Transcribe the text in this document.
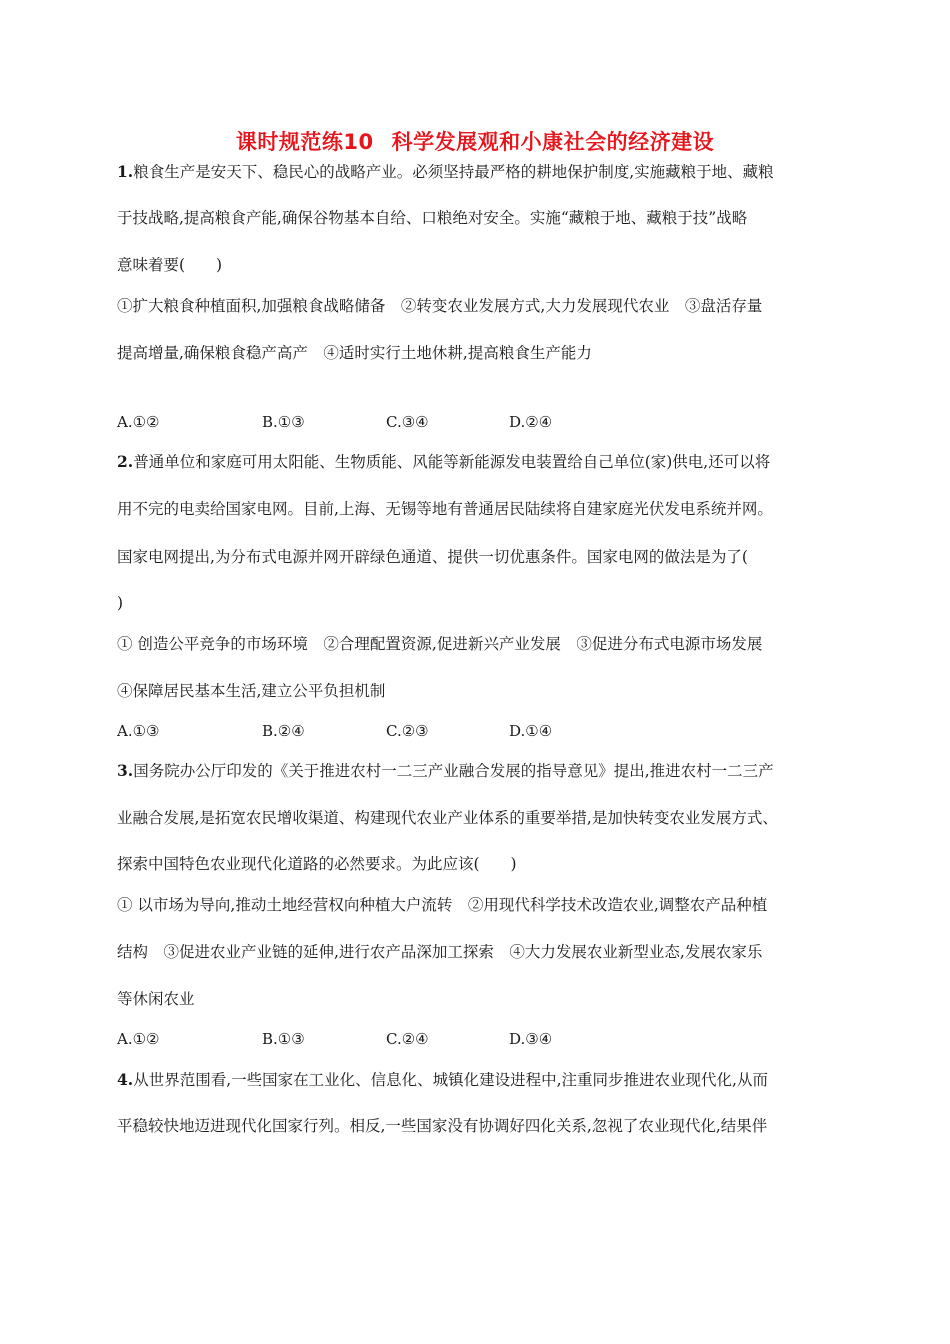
课时规范练10 科学发展观和小康社会的经济建设
1.粮食生产是安天下、稳民心的战略产业。必须坚持最严格的耕地保护制度,实施藏粮于地、藏粮
于技战略,提高粮食产能,确保谷物基本自给、口粮绝对安全。实施“藏粮于地、藏粮于技”战略
意味着要(　　)
①扩大粮食种植面积,加强粮食战略储备　②转变农业发展方式,大力发展现代农业　③盘活存量
提高增量,确保粮食稳产高产　④适时实行土地休耕,提高粮食生产能力
A.①②	B.①③	C.③④	D.②④
2.普通单位和家庭可用太阳能、生物质能、风能等新能源发电装置给自己单位(家)供电,还可以将
用不完的电卖给国家电网。目前,上海、无锡等地有普通居民陆续将自建家庭光伏发电系统并网。
国家电网提出,为分布式电源并网开辟绿色通道、提供一切优惠条件。国家电网的做法是为了(
)
① 创造公平竞争的市场环境　②合理配置资源,促进新兴产业发展　③促进分布式电源市场发展
④保障居民基本生活,建立公平负担机制
A.①③	B.②④	C.②③	D.①④
3.国务院办公厅印发的《关于推进农村一二三产业融合发展的指导意见》提出,推进农村一二三产
业融合发展,是拓宽农民增收渠道、构建现代农业产业体系的重要举措,是加快转变农业发展方式、
探索中国特色农业现代化道路的必然要求。为此应该(　　)
① 以市场为导向,推动土地经营权向种植大户流转　②用现代科学技术改造农业,调整农产品种植
结构　③促进农业产业链的延伸,进行农产品深加工探索　④大力发展农业新型业态,发展农家乐
等休闲农业
A.①②	B.①③	C.②④	D.③④
4.从世界范围看,一些国家在工业化、信息化、城镇化建设进程中,注重同步推进农业现代化,从而
平稳较快地迈进现代化国家行列。相反,一些国家没有协调好四化关系,忽视了农业现代化,结果伴
